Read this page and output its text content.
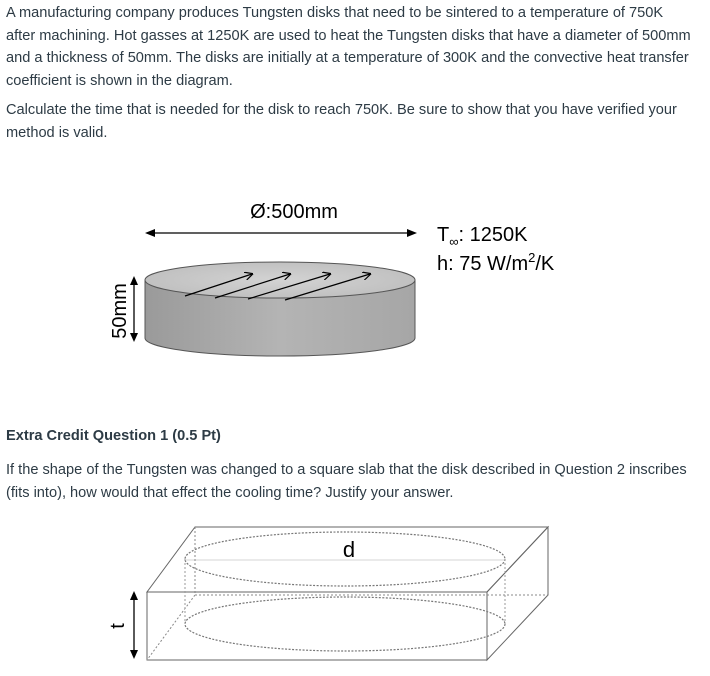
A manufacturing company produces Tungsten disks that need to be sintered to a temperature of 750K after machining. Hot gasses at 1250K are used to heat the Tungsten disks that have a diameter of 500mm and a thickness of 50mm. The disks are initially at a temperature of 300K and the convective heat transfer coefficient is shown in the diagram.

Calculate the time that is needed for the disk to reach 750K. Be sure to show that you have verified your method is valid.

Ø:500mm
50mm
$T_\infty$: 1250K
h: 75 $W/m^2/K$

Extra Credit Question 1 (0.5 Pt)

If the shape of the Tungsten was changed to a square slab that the disk described in Question 2 inscribes (fits into), how would that effect the cooling time? Justify your answer.

d
t
